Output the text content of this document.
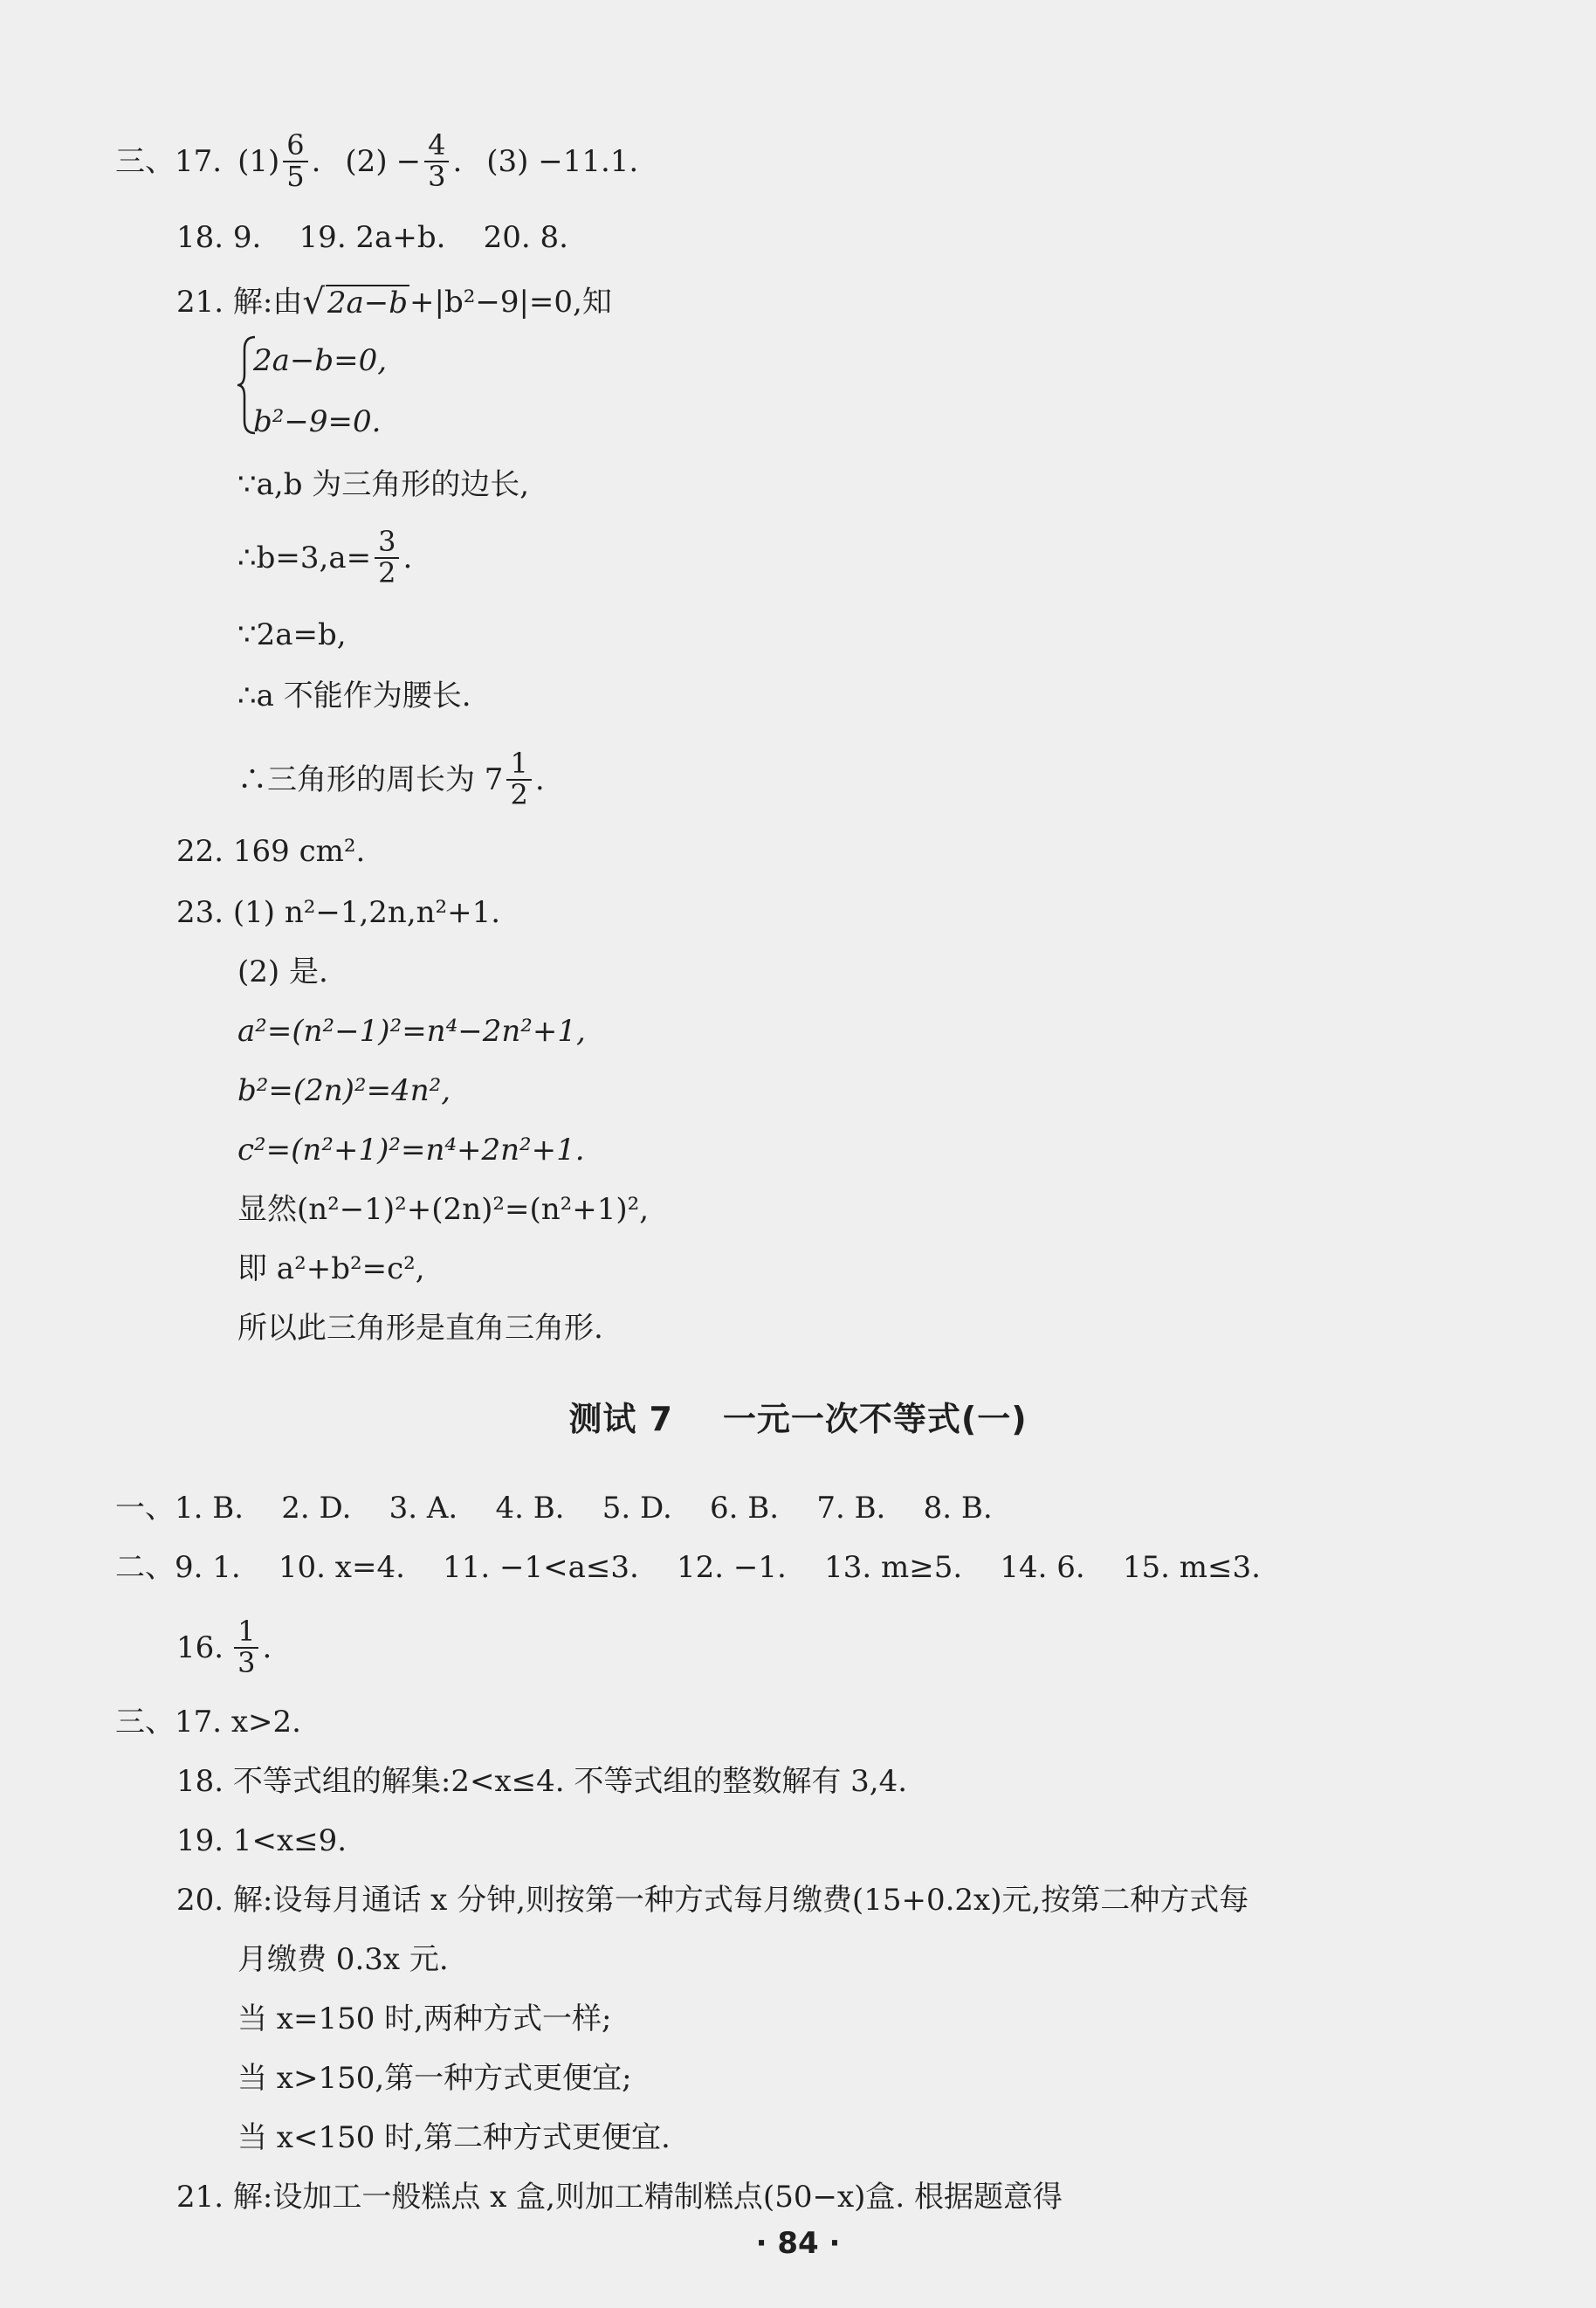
三、17. $(1) \frac{6}{5}$ . $(2) - \frac{4}{3}$ . (3) −11.1.
18. 9.    19. 2a+b.    20. 8.
21. 解:由 √ 2a−b +|b²−9|=0,知
2a−b=0,
b²−9=0.
∵a,b 为三角形的边长,
∴b=3,a= $\frac{3}{2}$ .
∵2a=b,
∴a 不能作为腰长.
∴三角形的周长为 $7 \frac{1}{2}$ .
22. 169 cm².
23. (1) n²−1,2n,n²+1.
(2) 是.
a²=(n²−1)²=n⁴−2n²+1,
b²=(2n)²=4n²,
c²=(n²+1)²=n⁴+2n²+1.
显然(n²−1)²+(2n)²=(n²+1)²,
即 a²+b²=c²,
所以此三角形是直角三角形.
测试 7    一元一次不等式(一)
一、1. B.    2. D.    3. A.    4. B.    5. D.    6. B.    7. B.    8. B.
二、9. 1.    10. x=4.    11. −1<a≤3.    12. −1.    13. m≥5.    14. 6.    15. m≤3.
16. $\frac{1}{3}$ .
三、17. x>2.
18. 不等式组的解集:2<x≤4. 不等式组的整数解有 3,4.
19. 1<x≤9.
20. 解:设每月通话 x 分钟,则按第一种方式每月缴费(15+0.2x)元,按第二种方式每
月缴费 0.3x 元.
当 x=150 时,两种方式一样;
当 x>150,第一种方式更便宜;
当 x<150 时,第二种方式更便宜.
21. 解:设加工一般糕点 x 盒,则加工精制糕点(50−x)盒. 根据题意得
· 84 ·
